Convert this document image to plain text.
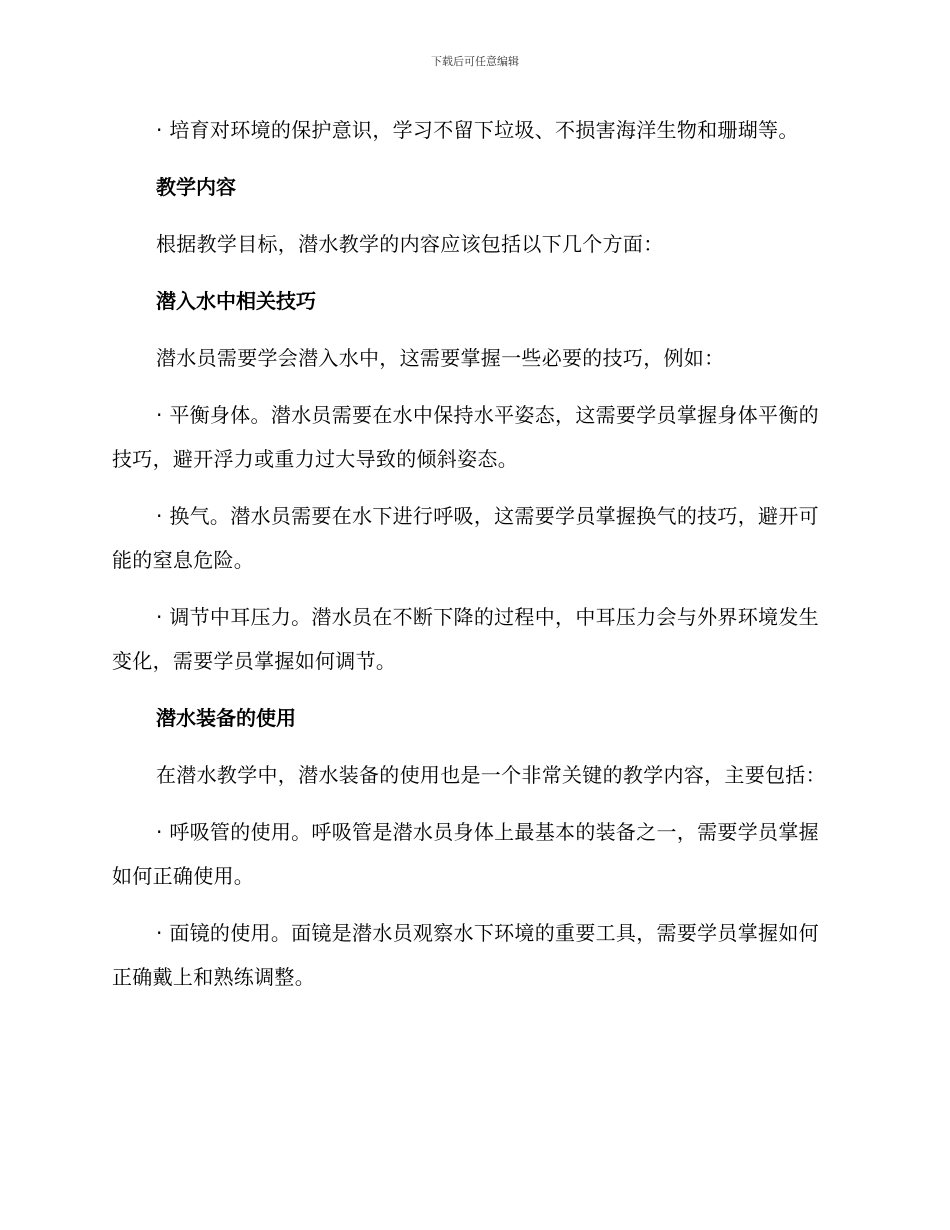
下载后可任意编辑

· 培育对环境的保护意识，学习不留下垃圾、不损害海洋生物和珊瑚等。

教学内容

根据教学目标，潜水教学的内容应该包括以下几个方面：

潜入水中相关技巧

潜水员需要学会潜入水中，这需要掌握一些必要的技巧，例如：

· 平衡身体。潜水员需要在水中保持水平姿态，这需要学员掌握身体平衡的技巧，避开浮力或重力过大导致的倾斜姿态。

· 换气。潜水员需要在水下进行呼吸，这需要学员掌握换气的技巧，避开可能的窒息危险。

· 调节中耳压力。潜水员在不断下降的过程中，中耳压力会与外界环境发生变化，需要学员掌握如何调节。

潜水装备的使用

在潜水教学中，潜水装备的使用也是一个非常关键的教学内容，主要包括：

· 呼吸管的使用。呼吸管是潜水员身体上最基本的装备之一，需要学员掌握如何正确使用。

· 面镜的使用。面镜是潜水员观察水下环境的重要工具，需要学员掌握如何正确戴上和熟练调整。
